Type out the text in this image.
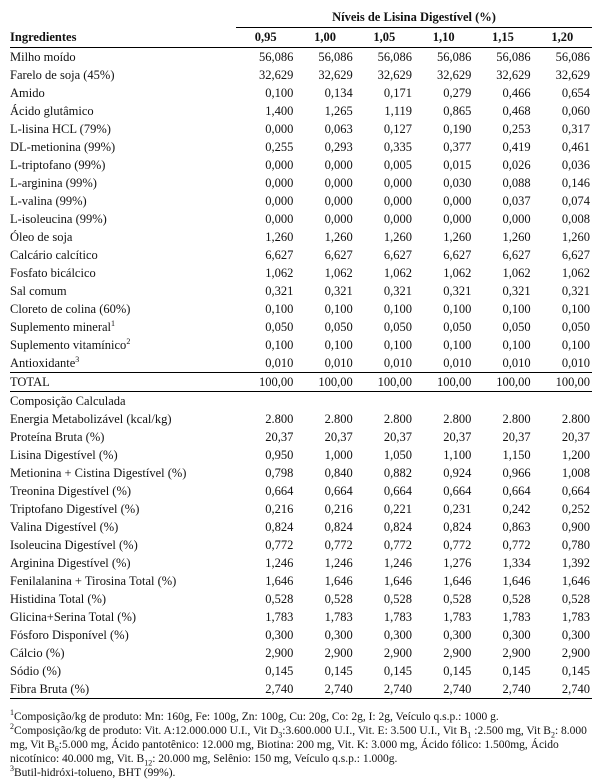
	Níveis de Lisina Digestível (%)					
Ingredientes	0,95	1,00	1,05	1,10	1,15	1,20
Milho moído	56,086	56,086	56,086	56,086	56,086	56,086
Farelo de soja (45%)	32,629	32,629	32,629	32,629	32,629	32,629
Amido	0,100	0,134	0,171	0,279	0,466	0,654
Ácido glutâmico	1,400	1,265	1,119	0,865	0,468	0,060
L-lisina HCL (79%)	0,000	0,063	0,127	0,190	0,253	0,317
DL-metionina (99%)	0,255	0,293	0,335	0,377	0,419	0,461
L-triptofano (99%)	0,000	0,000	0,005	0,015	0,026	0,036
L-arginina (99%)	0,000	0,000	0,000	0,030	0,088	0,146
L-valina (99%)	0,000	0,000	0,000	0,000	0,037	0,074
L-isoleucina (99%)	0,000	0,000	0,000	0,000	0,000	0,008
Óleo de soja	1,260	1,260	1,260	1,260	1,260	1,260
Calcário calcítico	6,627	6,627	6,627	6,627	6,627	6,627
Fosfato bicálcico	1,062	1,062	1,062	1,062	1,062	1,062
Sal comum	0,321	0,321	0,321	0,321	0,321	0,321
Cloreto de colina (60%)	0,100	0,100	0,100	0,100	0,100	0,100
Suplemento mineral$^1$	0,050	0,050	0,050	0,050	0,050	0,050
Suplemento vitamínico$^2$	0,100	0,100	0,100	0,100	0,100	0,100
Antioxidante$^3$	0,010	0,010	0,010	0,010	0,010	0,010
TOTAL	100,00	100,00	100,00	100,00	100,00	100,00
Composição Calculada						
Energia Metabolizável (kcal/kg)	2.800	2.800	2.800	2.800	2.800	2.800
Proteína Bruta (%)	20,37	20,37	20,37	20,37	20,37	20,37
Lisina Digestível (%)	0,950	1,000	1,050	1,100	1,150	1,200
Metionina + Cistina Digestível (%)	0,798	0,840	0,882	0,924	0,966	1,008
Treonina Digestível (%)	0,664	0,664	0,664	0,664	0,664	0,664
Triptofano Digestível (%)	0,216	0,216	0,221	0,231	0,242	0,252
Valina Digestível (%)	0,824	0,824	0,824	0,824	0,863	0,900
Isoleucina Digestível (%)	0,772	0,772	0,772	0,772	0,772	0,780
Arginina Digestível (%)	1,246	1,246	1,246	1,276	1,334	1,392
Fenilalanina + Tirosina Total (%)	1,646	1,646	1,646	1,646	1,646	1,646
Histidina Total (%)	0,528	0,528	0,528	0,528	0,528	0,528
Glicina+Serina Total (%)	1,783	1,783	1,783	1,783	1,783	1,783
Fósforo Disponível (%)	0,300	0,300	0,300	0,300	0,300	0,300
Cálcio (%)	2,900	2,900	2,900	2,900	2,900	2,900
Sódio (%)	0,145	0,145	0,145	0,145	0,145	0,145
Fibra Bruta (%)	2,740	2,740	2,740	2,740	2,740	2,740

$^1$Composição/kg de produto: Mn: 160g, Fe: 100g, Zn: 100g, Cu: 20g, Co: 2g, I: 2g, Veículo q.s.p.: 1000 g.

$^2$Composição/kg de produto: Vit. A:12.000.000 U.I., Vit $D_3:3.600.000$ U.I., Vit. E: 3.500 U.I., Vit $B_1$ :2.500 mg, Vit $B_2$: 8.000 mg, Vit $B_6:5.000$ mg, Ácido pantotênico: 12.000 mg, Biotina: 200 mg, Vit. K: 3.000 mg, Ácido fólico: 1.500mg, Ácido nicotínico: 40.000 mg, Vit. $B_{12}$: 20.000 mg, Selênio: 150 mg, Veículo q.s.p.: 1.000g.

$^3$Butil-hidróxi-tolueno, BHT (99%).
